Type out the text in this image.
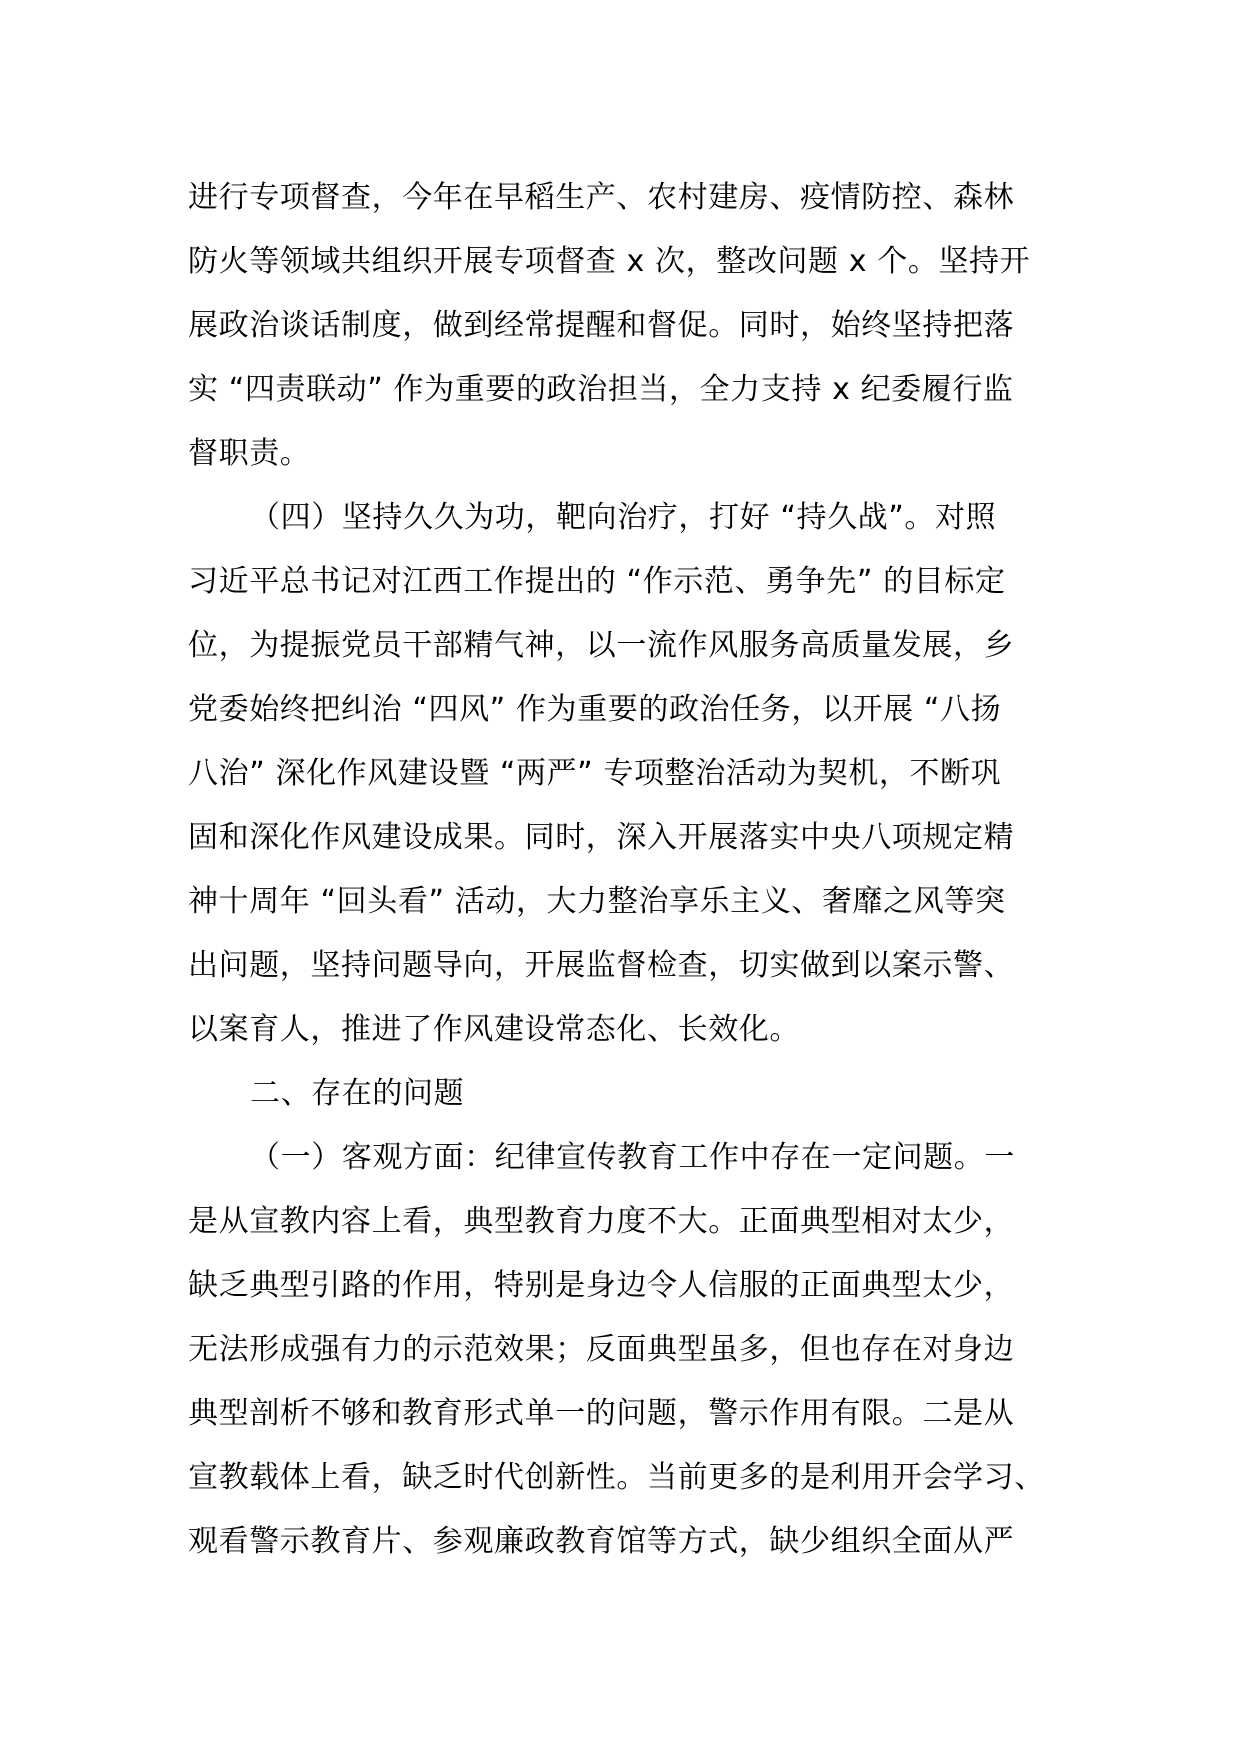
进行专项督查，今年在早稻生产、农村建房、疫情防控、森林
防火等领域共组织开展专项督查 x 次，整改问题 x 个。坚持开
展政治谈话制度，做到经常提醒和督促。同时，始终坚持把落
实 “四责联动” 作为重要的政治担当，全力支持 x 纪委履行监
督职责。
（四）坚持久久为功，靶向治疗，打好 “持久战”。对照
习近平总书记对江西工作提出的 “作示范、勇争先” 的目标定
位，为提振党员干部精气神，以一流作风服务高质量发展，乡
党委始终把纠治 “四风” 作为重要的政治任务，以开展 “八扬
八治” 深化作风建设暨 “两严” 专项整治活动为契机，不断巩
固和深化作风建设成果。同时，深入开展落实中央八项规定精
神十周年 “回头看” 活动，大力整治享乐主义、奢靡之风等突
出问题，坚持问题导向，开展监督检查，切实做到以案示警、
以案育人，推进了作风建设常态化、长效化。
二、存在的问题
（一）客观方面：纪律宣传教育工作中存在一定问题。一
是从宣教内容上看，典型教育力度不大。正面典型相对太少，
缺乏典型引路的作用，特别是身边令人信服的正面典型太少，
无法形成强有力的示范效果；反面典型虽多，但也存在对身边
典型剖析不够和教育形式单一的问题，警示作用有限。二是从
宣教载体上看，缺乏时代创新性。当前更多的是利用开会学习、
观看警示教育片、参观廉政教育馆等方式，缺少组织全面从严
